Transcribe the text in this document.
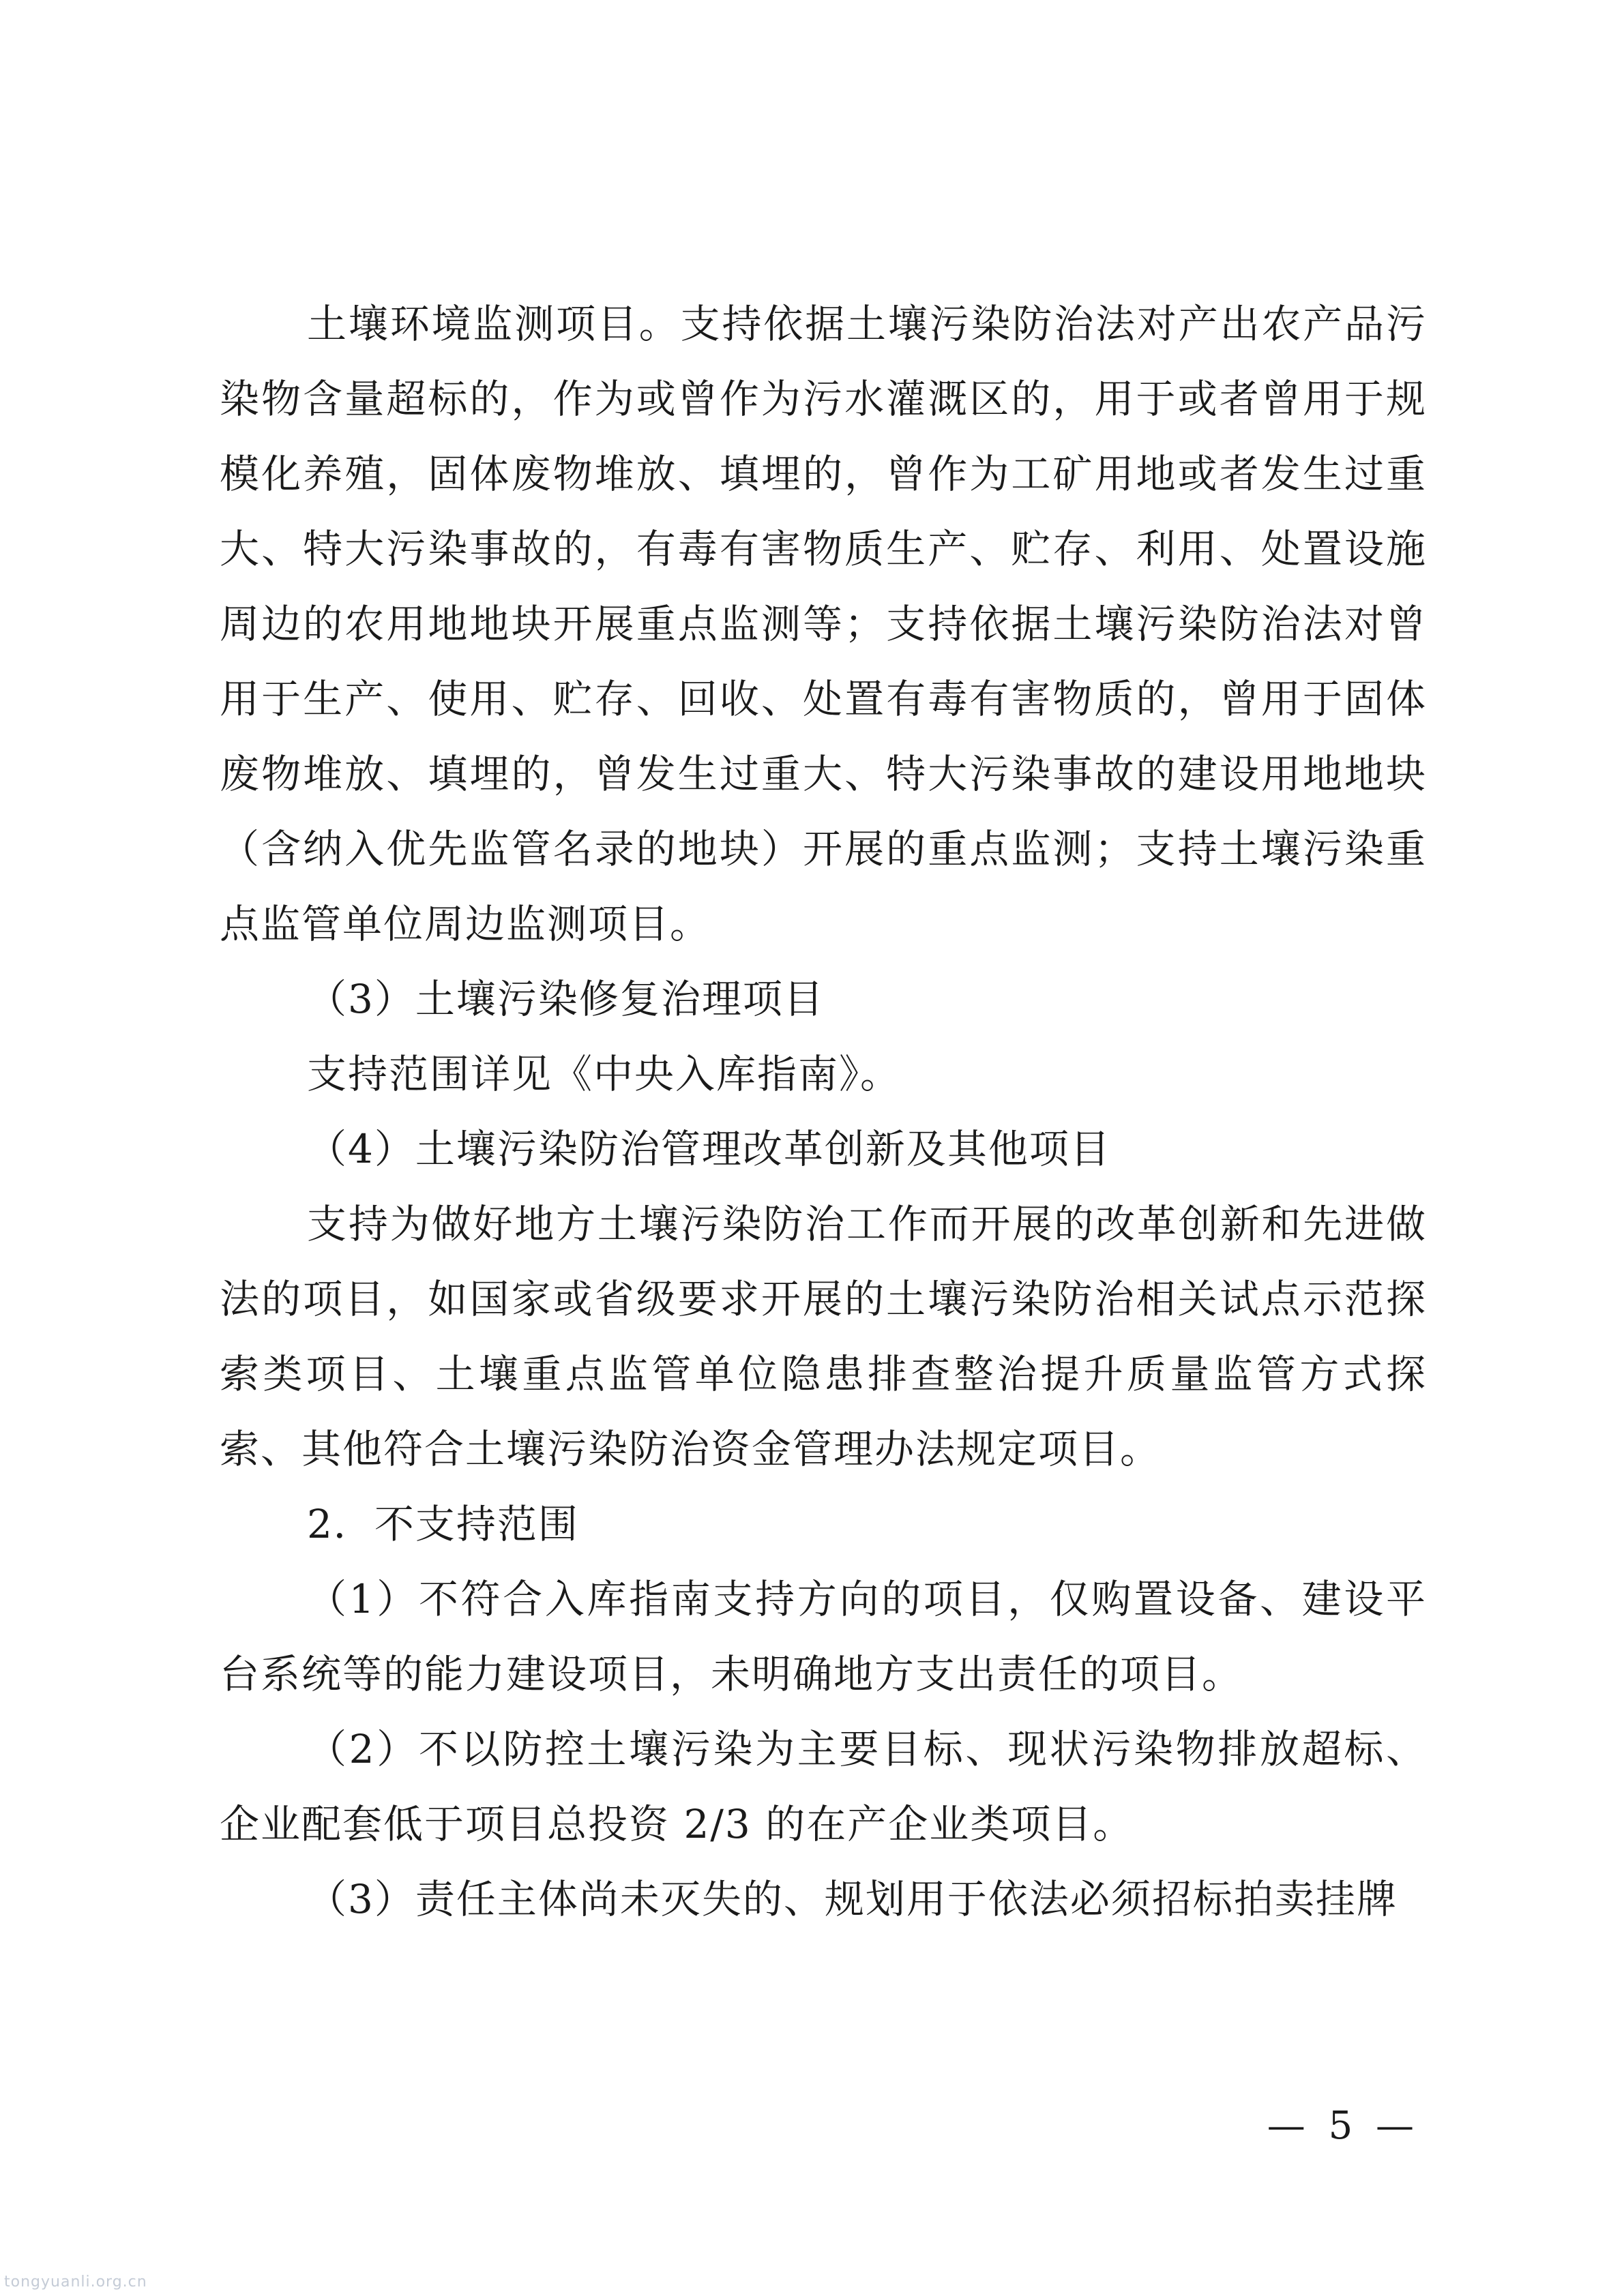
土壤环境监测项目。支持依据土壤污染防治法对产出农产品污染物含量超标的，作为或曾作为污水灌溉区的，用于或者曾用于规模化养殖，固体废物堆放、填埋的，曾作为工矿用地或者发生过重大、特大污染事故的，有毒有害物质生产、贮存、利用、处置设施周边的农用地地块开展重点监测等；支持依据土壤污染防治法对曾用于生产、使用、贮存、回收、处置有毒有害物质的，曾用于固体废物堆放、填埋的，曾发生过重大、特大污染事故的建设用地地块（含纳入优先监管名录的地块）开展的重点监测；支持土壤污染重点监管单位周边监测项目。

（3）土壤污染修复治理项目

支持范围详见《中央入库指南》。

（4）土壤污染防治管理改革创新及其他项目

支持为做好地方土壤污染防治工作而开展的改革创新和先进做法的项目，如国家或省级要求开展的土壤污染防治相关试点示范探索类项目、土壤重点监管单位隐患排查整治提升质量监管方式探索、其他符合土壤污染防治资金管理办法规定项目。

2．不支持范围

（1）不符合入库指南支持方向的项目，仅购置设备、建设平台系统等的能力建设项目，未明确地方支出责任的项目。

（2）不以防控土壤污染为主要目标、现状污染物排放超标、企业配套低于项目总投资 2/3 的在产企业类项目。

（3）责任主体尚未灭失的、规划用于依法必须招标拍卖挂牌

— 5 —
tongyuanli.org.cn
